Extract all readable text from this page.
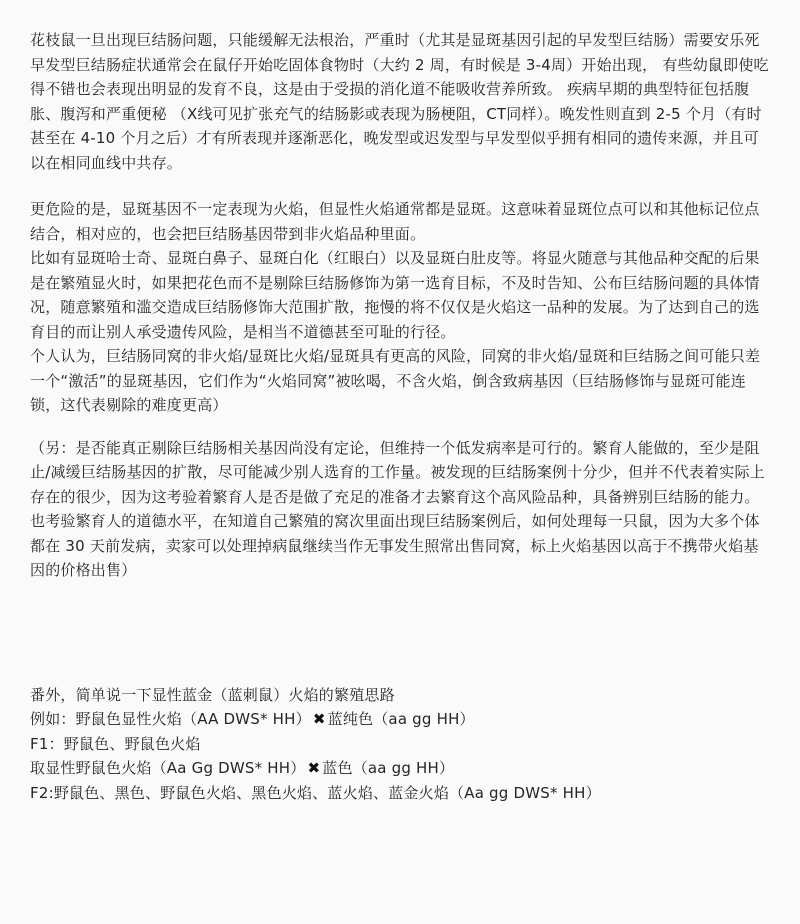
花枝鼠一旦出现巨结肠问题，只能缓解无法根治，严重时（尤其是显斑基因引起的早发型巨结肠）需要安乐死

早发型巨结肠症状通常会在鼠仔开始吃固体食物时（大约 2 周，有时候是 3-4周）开始出现， 有些幼鼠即使吃得不错也会表现出明显的发育不良，这是由于受损的消化道不能吸收营养所致。 疾病早期的典型特征包括腹胀、腹泻和严重便秘 （X线可见扩张充气的结肠影或表现为肠梗阻，CT同样）。晚发性则直到 2-5 个月（有时甚至在 4-10 个月之后）才有所表现并逐渐恶化，晚发型或迟发型与早发型似乎拥有相同的遗传来源，并且可以在相同血线中共存。

更危险的是，显斑基因不一定表现为火焰，但显性火焰通常都是显斑。这意味着显斑位点可以和其他标记位点结合，相对应的，也会把巨结肠基因带到非火焰品种里面。

比如有显斑哈士奇、显斑白鼻子、显斑白化（红眼白）以及显斑白肚皮等。将显火随意与其他品种交配的后果是在繁殖显火时，如果把花色而不是剔除巨结肠修饰为第一选育目标，不及时告知、公布巨结肠问题的具体情况，随意繁殖和滥交造成巨结肠修饰大范围扩散，拖慢的将不仅仅是火焰这一品种的发展。为了达到自己的选育目的而让别人承受遗传风险，是相当不道德甚至可耻的行径。

个人认为，巨结肠同窝的非火焰/显斑比火焰/显斑具有更高的风险，同窝的非火焰/显斑和巨结肠之间可能只差一个“激活”的显斑基因，它们作为“火焰同窝”被吆喝，不含火焰，倒含致病基因（巨结肠修饰与显斑可能连锁，这代表剔除的难度更高）

（另：是否能真正剔除巨结肠相关基因尚没有定论，但维持一个低发病率是可行的。繁育人能做的，至少是阻止/减缓巨结肠基因的扩散，尽可能减少别人选育的工作量。被发现的巨结肠案例十分少，但并不代表着实际上存在的很少，因为这考验着繁育人是否是做了充足的准备才去繁育这个高风险品种，具备辨别巨结肠的能力。也考验繁育人的道德水平，在知道自己繁殖的窝次里面出现巨结肠案例后，如何处理每一只鼠，因为大多个体都在 30 天前发病，卖家可以处理掉病鼠继续当作无事发生照常出售同窝，标上火焰基因以高于不携带火焰基因的价格出售）

番外，简单说一下显性蓝金（蓝刺鼠）火焰的繁殖思路

例如：野鼠色显性火焰（AA DWS* HH） ✖ 蓝纯色（aa gg HH）

F1：野鼠色、野鼠色火焰

取显性野鼠色火焰（Aa Gg DWS* HH） ✖ 蓝色（aa gg HH）

F2:野鼠色、黑色、野鼠色火焰、黑色火焰、蓝火焰、蓝金火焰（Aa gg DWS* HH）
